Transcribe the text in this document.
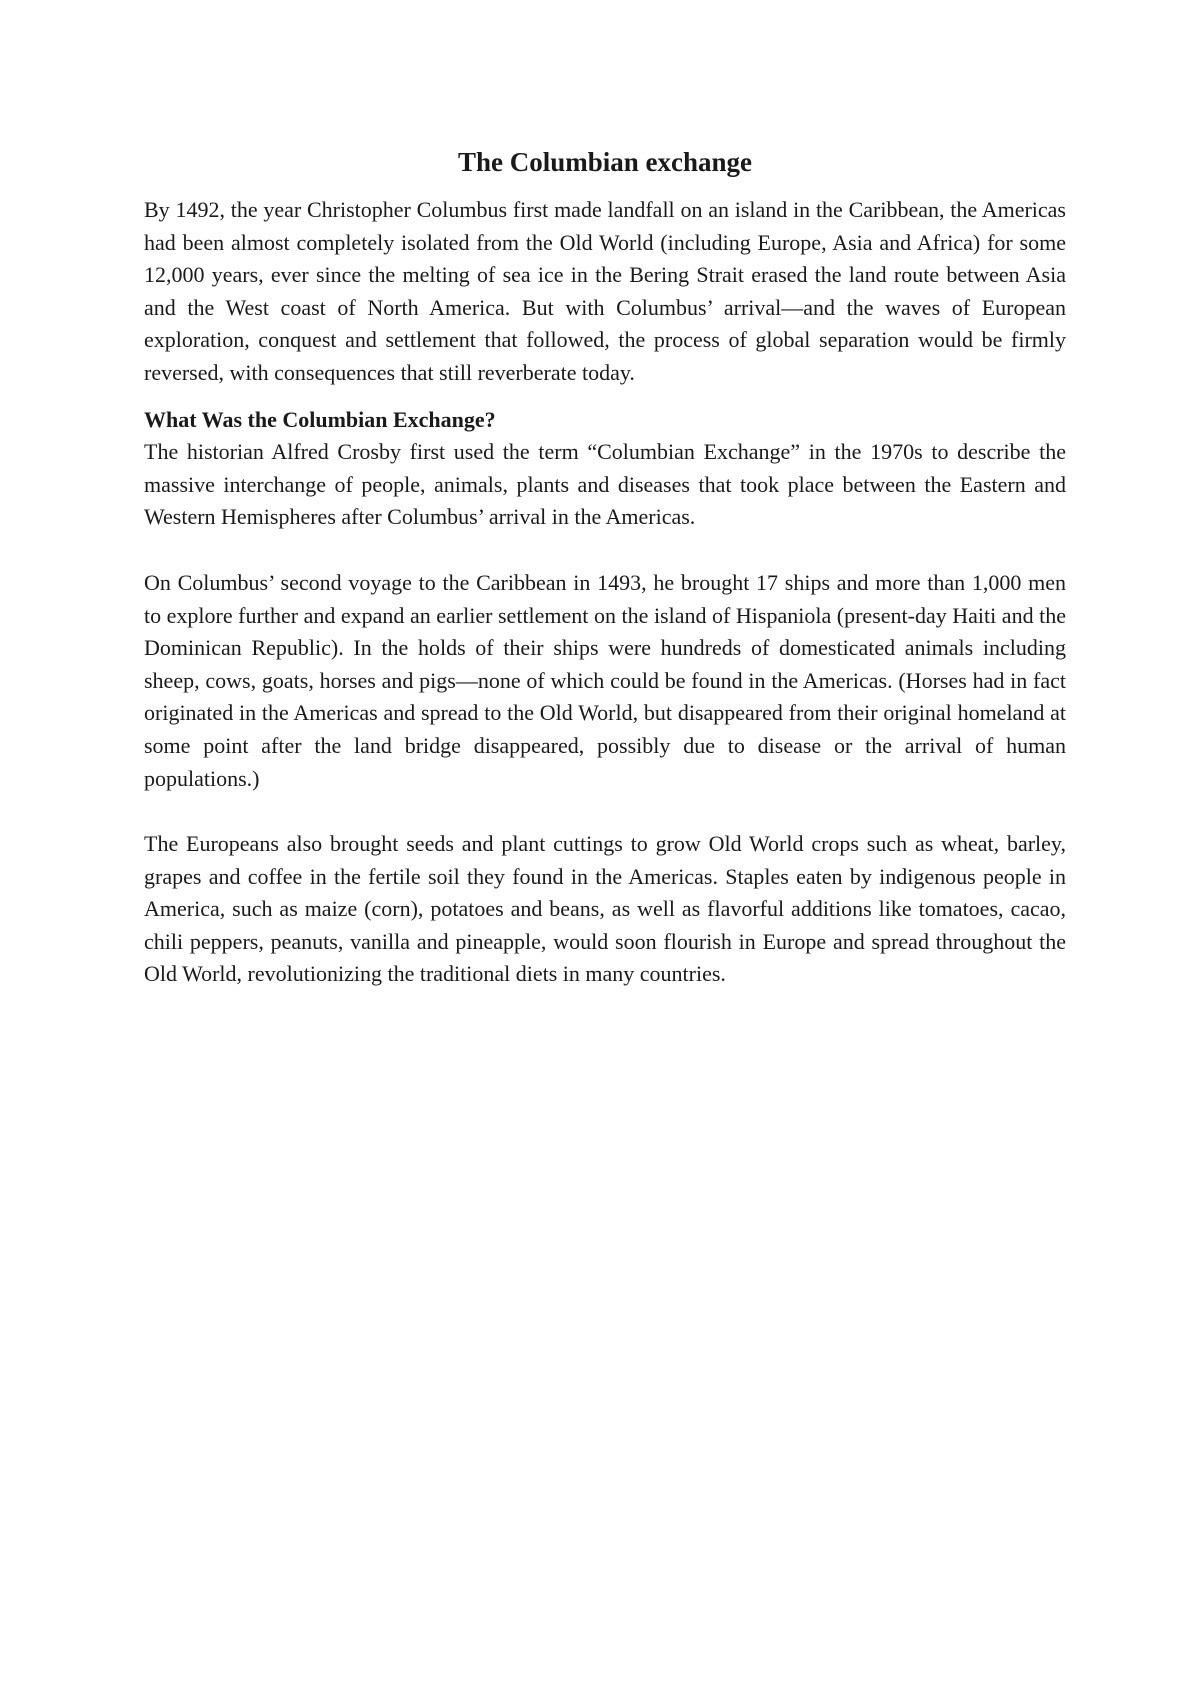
The Columbian exchange

By 1492, the year Christopher Columbus first made landfall on an island in the Caribbean, the Americas had been almost completely isolated from the Old World (including Europe, Asia and Africa) for some 12,000 years, ever since the melting of sea ice in the Bering Strait erased the land route between Asia and the West coast of North America. But with Columbus’ arrival—and the waves of European exploration, conquest and settlement that followed, the process of global separation would be firmly reversed, with consequences that still reverberate today.

What Was the Columbian Exchange?

The historian Alfred Crosby first used the term “Columbian Exchange” in the 1970s to describe the massive interchange of people, animals, plants and diseases that took place between the Eastern and Western Hemispheres after Columbus’ arrival in the Americas.

On Columbus’ second voyage to the Caribbean in 1493, he brought 17 ships and more than 1,000 men to explore further and expand an earlier settlement on the island of Hispaniola (present-day Haiti and the Dominican Republic). In the holds of their ships were hundreds of domesticated animals including sheep, cows, goats, horses and pigs—none of which could be found in the Americas. (Horses had in fact originated in the Americas and spread to the Old World, but disappeared from their original homeland at some point after the land bridge disappeared, possibly due to disease or the arrival of human populations.)

The Europeans also brought seeds and plant cuttings to grow Old World crops such as wheat, barley, grapes and coffee in the fertile soil they found in the Americas. Staples eaten by indigenous people in America, such as maize (corn), potatoes and beans, as well as flavorful additions like tomatoes, cacao, chili peppers, peanuts, vanilla and pineapple, would soon flourish in Europe and spread throughout the Old World, revolutionizing the traditional diets in many countries.
